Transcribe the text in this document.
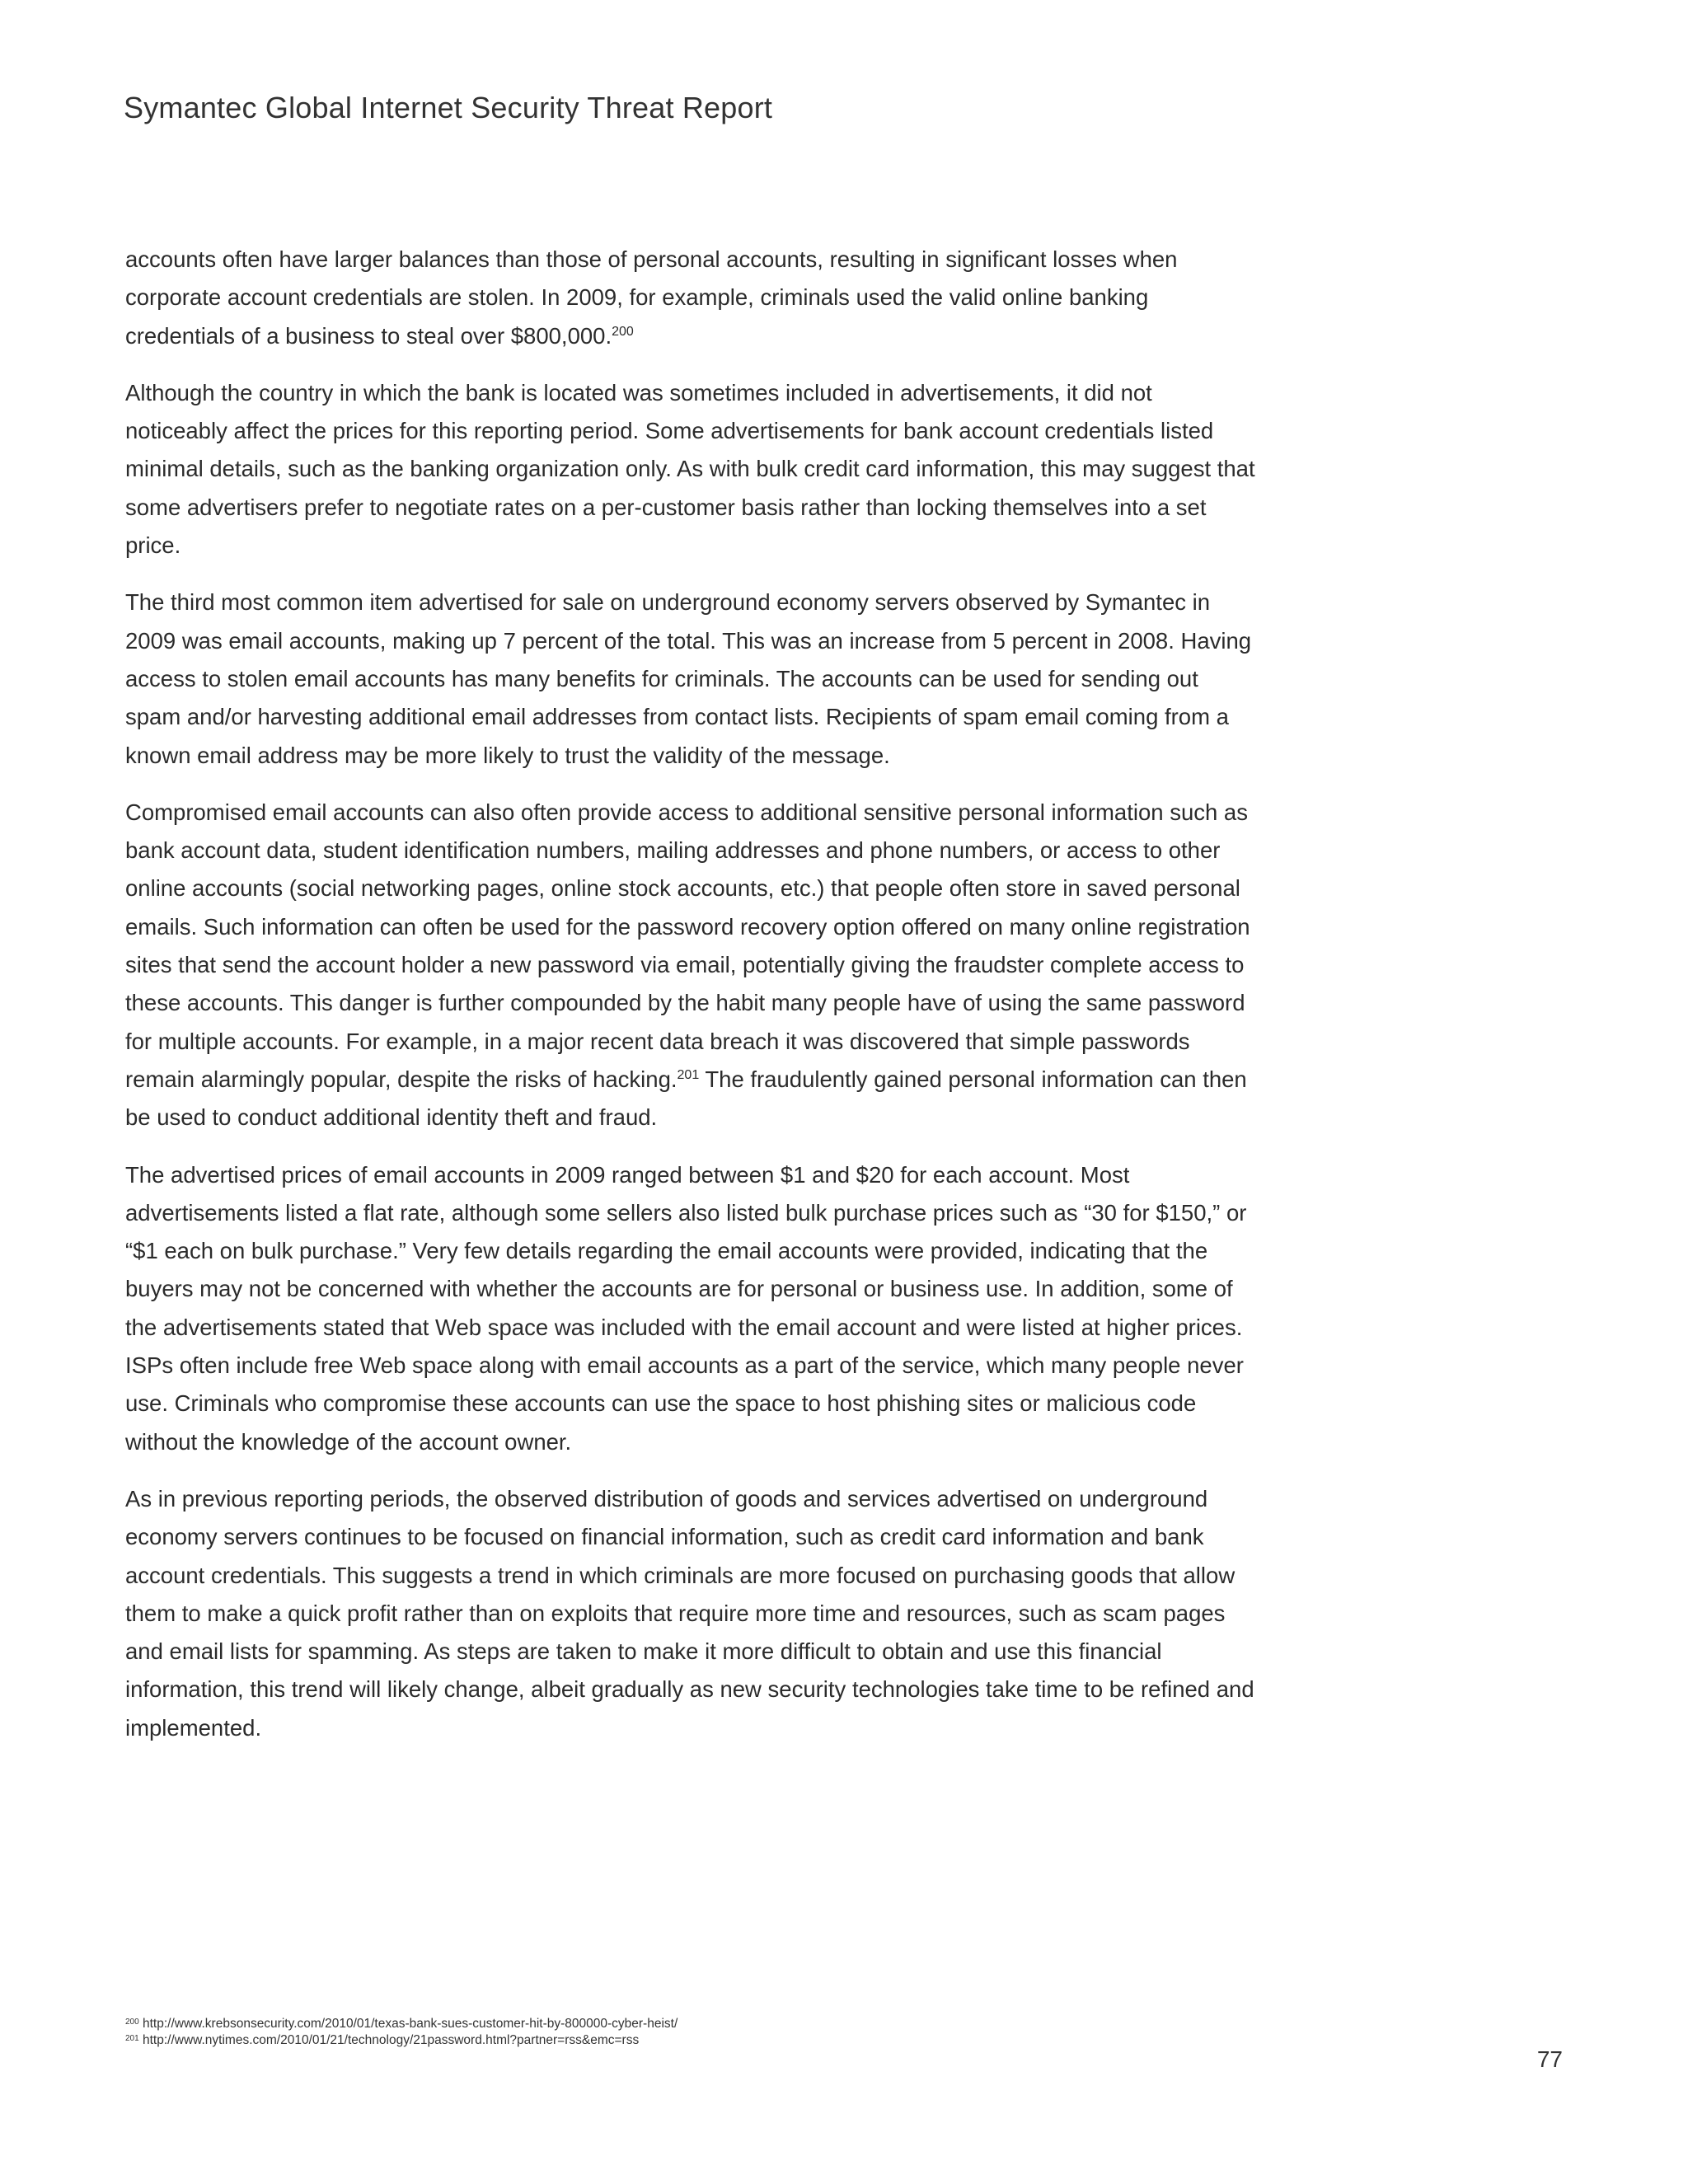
Symantec Global Internet Security Threat Report

accounts often have larger balances than those of personal accounts, resulting in significant losses when corporate account credentials are stolen. In 2009, for example, criminals used the valid online banking credentials of a business to steal over $800,000.$^{200}$

Although the country in which the bank is located was sometimes included in advertisements, it did not noticeably affect the prices for this reporting period. Some advertisements for bank account credentials listed minimal details, such as the banking organization only. As with bulk credit card information, this may suggest that some advertisers prefer to negotiate rates on a per-customer basis rather than locking themselves into a set price.

The third most common item advertised for sale on underground economy servers observed by Symantec in 2009 was email accounts, making up 7 percent of the total. This was an increase from 5 percent in 2008. Having access to stolen email accounts has many benefits for criminals. The accounts can be used for sending out spam and/or harvesting additional email addresses from contact lists. Recipients of spam email coming from a known email address may be more likely to trust the validity of the message.

Compromised email accounts can also often provide access to additional sensitive personal information such as bank account data, student identification numbers, mailing addresses and phone numbers, or access to other online accounts (social networking pages, online stock accounts, etc.) that people often store in saved personal emails. Such information can often be used for the password recovery option offered on many online registration sites that send the account holder a new password via email, potentially giving the fraudster complete access to these accounts. This danger is further compounded by the habit many people have of using the same password for multiple accounts. For example, in a major recent data breach it was discovered that simple passwords remain alarmingly popular, despite the risks of hacking.$^{201}$ The fraudulently gained personal information can then be used to conduct additional identity theft and fraud.

The advertised prices of email accounts in 2009 ranged between $1 and $20 for each account. Most advertisements listed a flat rate, although some sellers also listed bulk purchase prices such as “30 for $150,” or “$1 each on bulk purchase.” Very few details regarding the email accounts were provided, indicating that the buyers may not be concerned with whether the accounts are for personal or business use. In addition, some of the advertisements stated that Web space was included with the email account and were listed at higher prices. ISPs often include free Web space along with email accounts as a part of the service, which many people never use. Criminals who compromise these accounts can use the space to host phishing sites or malicious code without the knowledge of the account owner.

As in previous reporting periods, the observed distribution of goods and services advertised on underground economy servers continues to be focused on financial information, such as credit card information and bank account credentials. This suggests a trend in which criminals are more focused on purchasing goods that allow them to make a quick profit rather than on exploits that require more time and resources, such as scam pages and email lists for spamming. As steps are taken to make it more difficult to obtain and use this financial information, this trend will likely change, albeit gradually as new security technologies take time to be refined and implemented.

$^{200}$ http://www.krebsonsecurity.com/2010/01/texas-bank-sues-customer-hit-by-800000-cyber-heist/
$^{201}$ http://www.nytimes.com/2010/01/21/technology/21password.html?partner=rss&emc=rss
77
